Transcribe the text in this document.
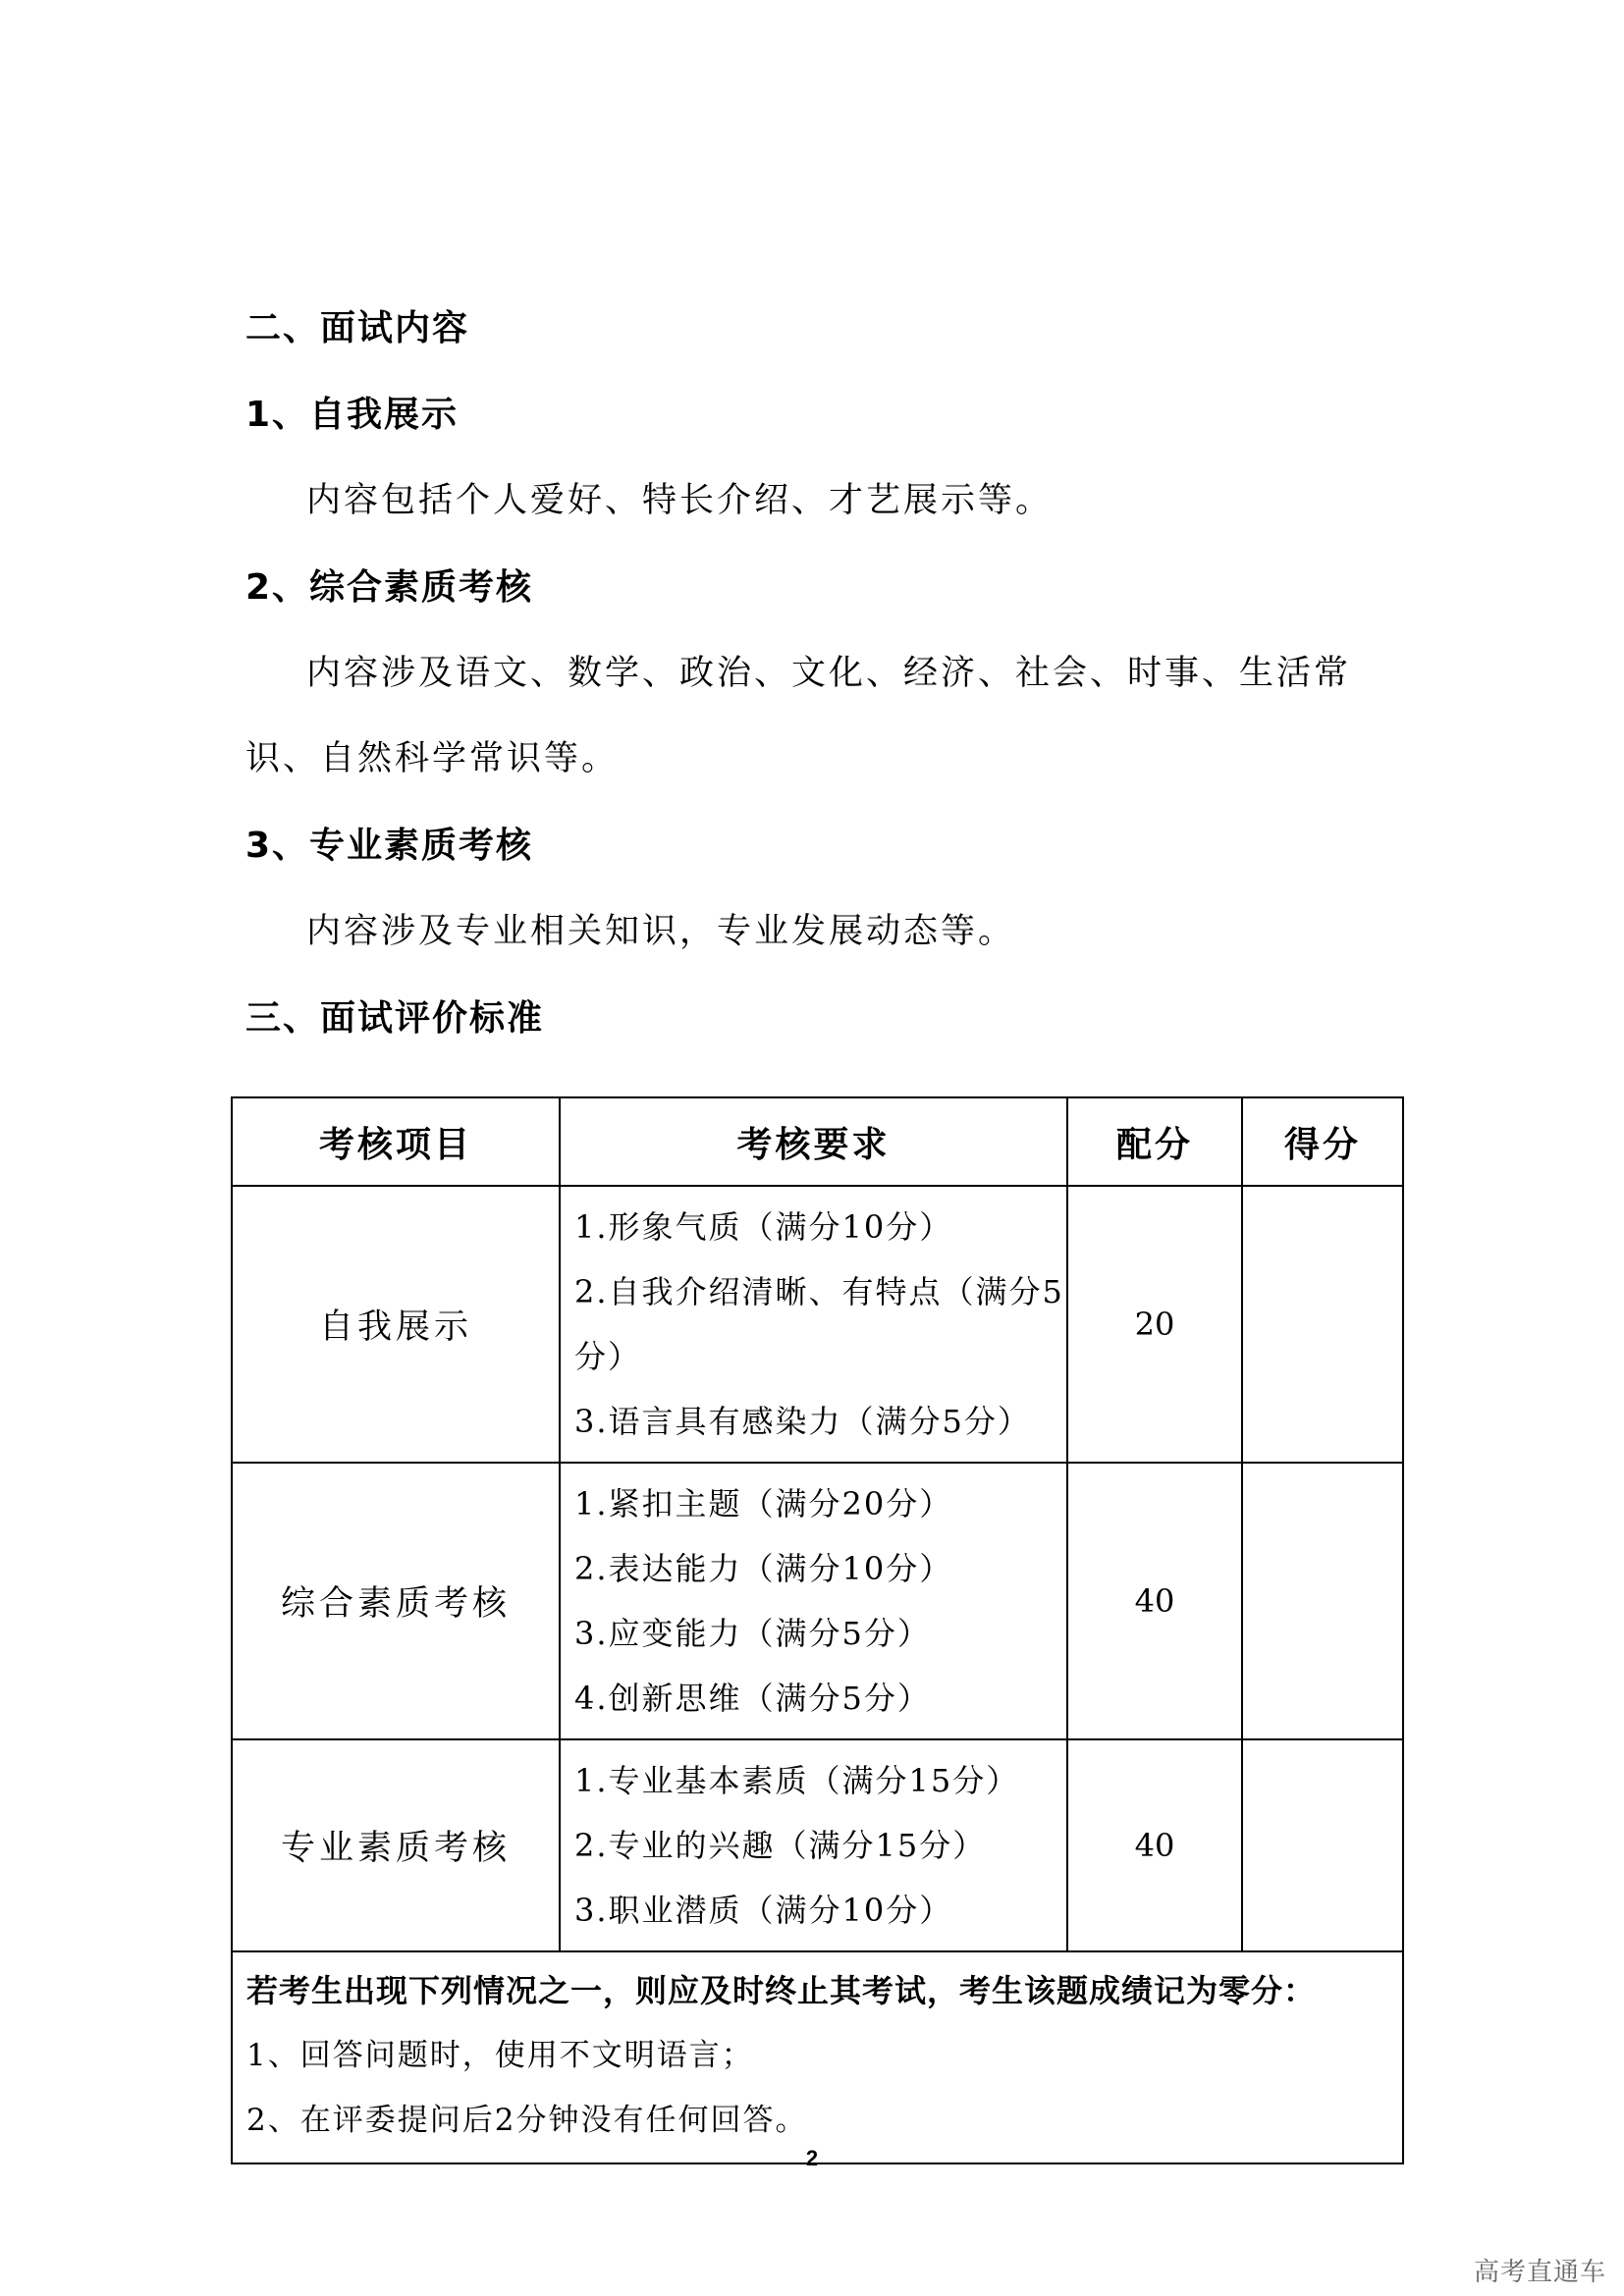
二、面试内容
1、自我展示
内容包括个人爱好、特长介绍、才艺展示等。
2、综合素质考核
内容涉及语文、数学、政治、文化、经济、社会、时事、生活常
识、自然科学常识等。
3、专业素质考核
内容涉及专业相关知识，专业发展动态等。
三、面试评价标准
考核项目	考核要求	配分	得分
自我展示	1.形象气质（满分10分）
2.自我介绍清晰、有特点（满分5
分）
3.语言具有感染力（满分5分）	20	
综合素质考核	1.紧扣主题（满分20分）
2.表达能力（满分10分）
3.应变能力（满分5分）
4.创新思维（满分5分）	40	
专业素质考核	1.专业基本素质（满分15分）
2.专业的兴趣（满分15分）
3.职业潜质（满分10分）	40	

若考生出现下列情况之一，则应及时终止其考试，考生该题成绩记为零分：
1、回答问题时，使用不文明语言；
2、在评委提问后2分钟没有任何回答。			
2
高考直通车
